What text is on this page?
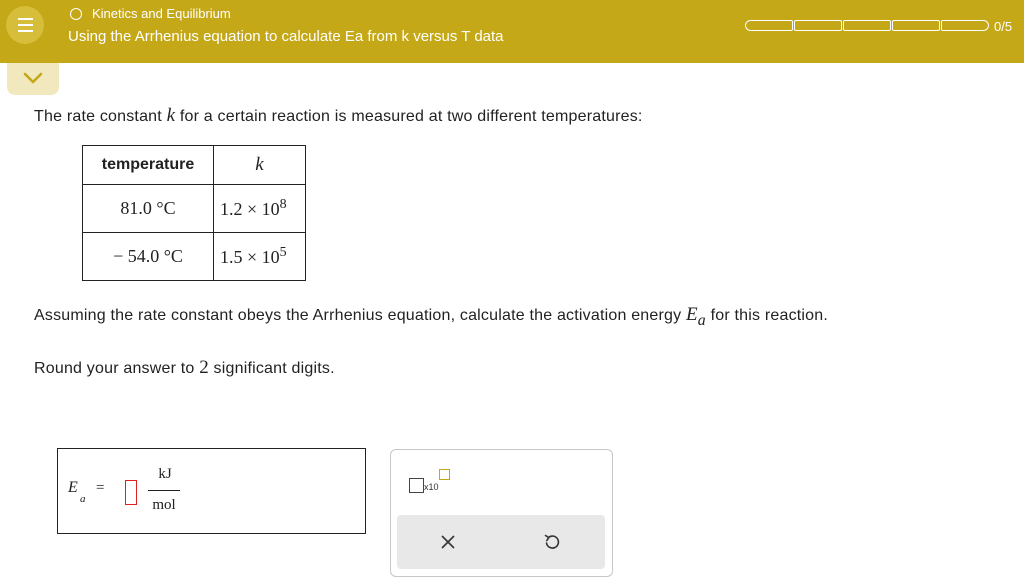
Kinetics and Equilibrium
Using the Arrhenius equation to calculate Ea from k versus T data
0/5
The rate constant k for a certain reaction is measured at two different temperatures:
temperature	k
81.0 °C	$1.2 \times 10^8$
− 54.0 °C	$1.5 \times 10^5$
Assuming the rate constant obeys the Arrhenius equation, calculate the activation energy $E_a$ for this reaction.
Round your answer to 2 significant digits.
E
a
=
kJ
mol
x10
